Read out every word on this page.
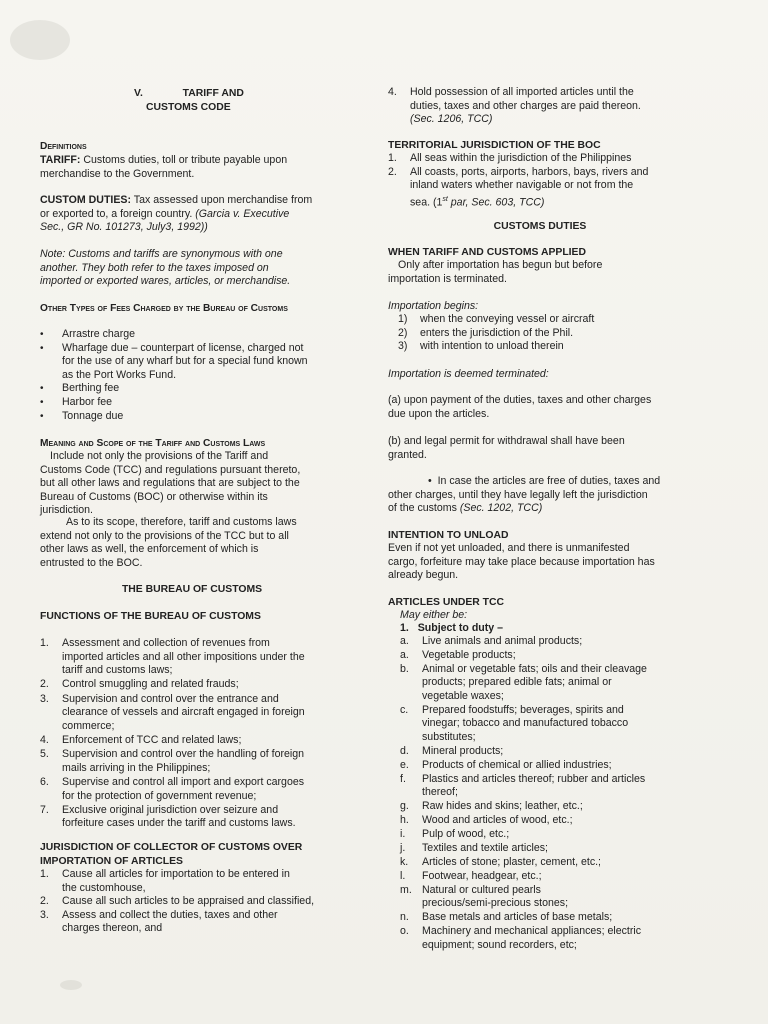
V.	TARIFF AND
CUSTOMS CODE
Definitions
TARIFF: Customs duties, toll or tribute payable upon
merchandise to the Government.
CUSTOM DUTIES: Tax assessed upon merchandise from
or exported to, a foreign country. (Garcia v. Executive
Sec., GR No. 101273, July3, 1992))
Note: Customs and tariffs are synonymous with one
another. They both refer to the taxes imposed on
imported or exported wares, articles, or merchandise.
Other Types of Fees Charged by the Bureau of Customs
•	Arrastre charge
•	Wharfage due – counterpart of license, charged not
for the use of any wharf but for a special fund known
as the Port Works Fund.
•	Berthing fee
•	Harbor fee
•	Tonnage due
Meaning and Scope of the Tariff and Customs Laws
Include not only the provisions of the Tariff and
Customs Code (TCC) and regulations pursuant thereto,
but all other laws and regulations that are subject to the
Bureau of Customs (BOC) or otherwise within its
jurisdiction.
As to its scope, therefore, tariff and customs laws
extend not only to the provisions of the TCC but to all
other laws as well, the enforcement of which is
entrusted to the BOC.
THE BUREAU OF CUSTOMS
FUNCTIONS OF THE BUREAU OF CUSTOMS
1.	Assessment and collection of revenues from
imported articles and all other impositions under the
tariff and customs laws;
2.	Control smuggling and related frauds;
3.	Supervision and control over the entrance and
clearance of vessels and aircraft engaged in foreign
commerce;
4.	Enforcement of TCC and related laws;
5.	Supervision and control over the handling of foreign
mails arriving in the Philippines;
6.	Supervise and control all import and export cargoes
for the protection of government revenue;
7.	Exclusive original jurisdiction over seizure and
forfeiture cases under the tariff and customs laws.
JURISDICTION OF COLLECTOR OF CUSTOMS OVER
IMPORTATION OF ARTICLES
1.	Cause all articles for importation to be entered in
the customhouse,
2.	Cause all such articles to be appraised and classified,
3.	Assess and collect the duties, taxes and other
charges thereon, and
4.	Hold possession of all imported articles until the
duties, taxes and other charges are paid thereon.
(Sec. 1206, TCC)
TERRITORIAL JURISDICTION OF THE BOC
1.	All seas within the jurisdiction of the Philippines
2.	All coasts, ports, airports, harbors, bays, rivers and
inland waters whether navigable or not from the
sea. (1st par, Sec. 603, TCC)
CUSTOMS DUTIES
WHEN TARIFF AND CUSTOMS APPLIED
Only after importation has begun but before
importation is terminated.
Importation begins:
1)	when the conveying vessel or aircraft
2)	enters the jurisdiction of the Phil.
3)	with intention to unload therein
Importation is deemed terminated:
(a) upon payment of the duties, taxes and other charges
due upon the articles.
(b) and legal permit for withdrawal shall have been
granted.
• In case the articles are free of duties, taxes and
other charges, until they have legally left the jurisdiction
of the customs (Sec. 1202, TCC)
INTENTION TO UNLOAD
Even if not yet unloaded, and there is unmanifested
cargo, forfeiture may take place because importation has
already begun.
ARTICLES UNDER TCC
May either be:
1. Subject to duty –
a.	Live animals and animal products;
a.	Vegetable products;
b.	Animal or vegetable fats; oils and their cleavage
products; prepared edible fats; animal or
vegetable waxes;
c.	Prepared foodstuffs; beverages, spirits and
vinegar; tobacco and manufactured tobacco
substitutes;
d.	Mineral products;
e.	Products of chemical or allied industries;
f.	Plastics and articles thereof; rubber and articles
thereof;
g.	Raw hides and skins; leather, etc.;
h.	Wood and articles of wood, etc.;
i.	Pulp of wood, etc.;
j.	Textiles and textile articles;
k.	Articles of stone; plaster, cement, etc.;
l.	Footwear, headgear, etc.;
m. Natural or cultured pearls
precious/semi-precious stones;
n.	Base metals and articles of base metals;
o.	Machinery and mechanical appliances; electric
equipment; sound recorders, etc;
